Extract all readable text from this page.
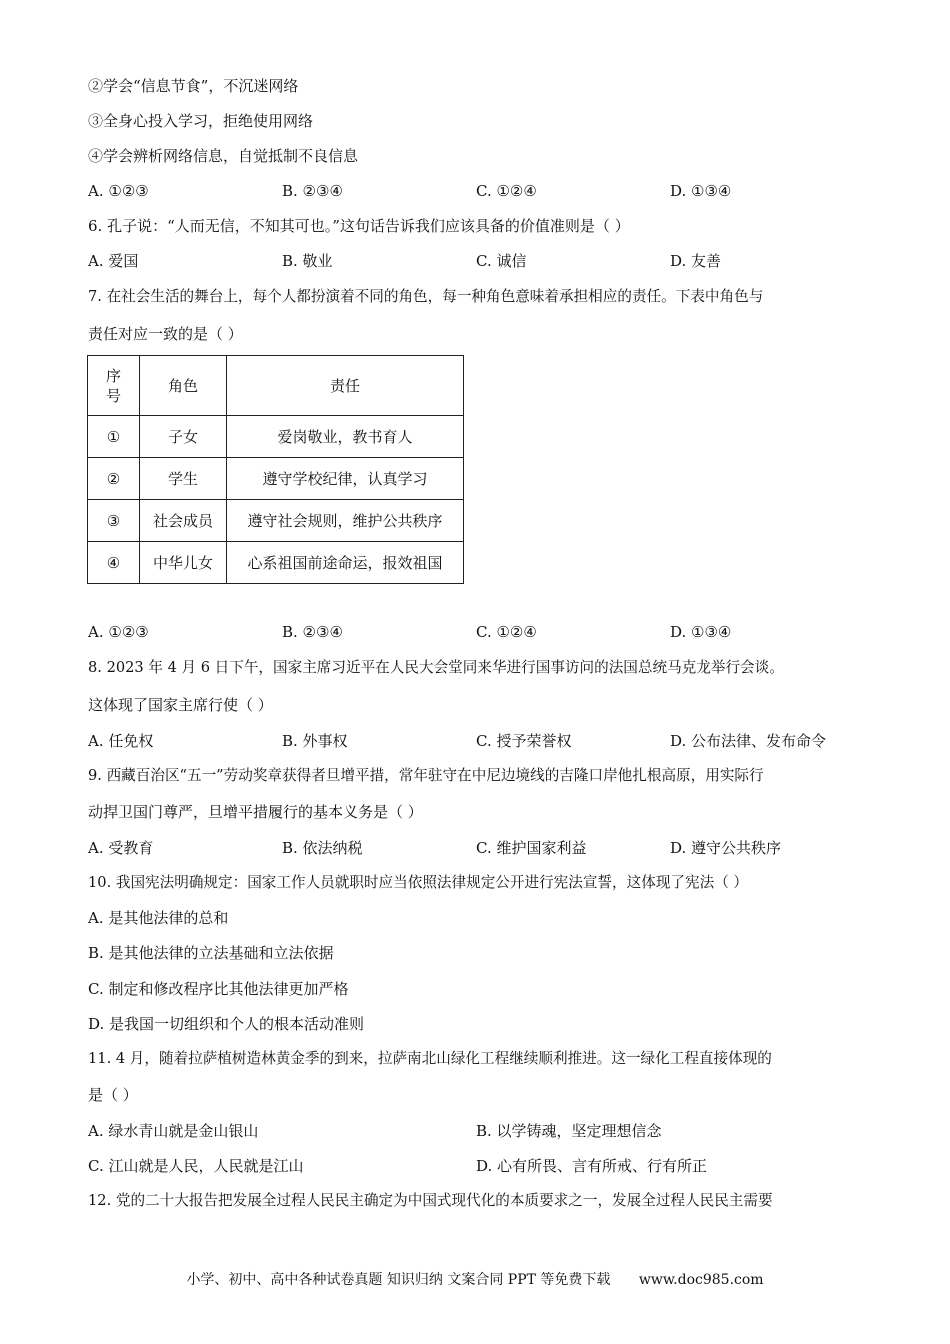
②学会“信息节食”，不沉迷网络
③全身心投入学习，拒绝使用网络
④学会辨析网络信息，自觉抵制不良信息
A. ①②③	B. ②③④	C. ①②④	D. ①③④
6. 孔子说：“人而无信，不知其可也。”这句话告诉我们应该具备的价值准则是（ ）
A. 爱国	B. 敬业	C. 诚信	D. 友善
7. 在社会生活的舞台上，每个人都扮演着不同的角色，每一种角色意味着承担相应的责任。下表中角色与
责任对应一致的是（ ）
序
号	角色	责任
①	子女	爱岗敬业，教书育人
②	学生	遵守学校纪律，认真学习
③	社会成员	遵守社会规则，维护公共秩序
④	中华儿女	心系祖国前途命运，报效祖国
A. ①②③	B. ②③④	C. ①②④	D. ①③④
8. 2023 年 4 月 6 日下午，国家主席习近平在人民大会堂同来华进行国事访问的法国总统马克龙举行会谈。
这体现了国家主席行使（ ）
A. 任免权	B. 外事权	C. 授予荣誉权	D. 公布法律、发布命令
9. 西藏百治区“五一”劳动奖章获得者旦增平措，常年驻守在中尼边境线的吉隆口岸他扎根高原，用实际行
动捍卫国门尊严，旦增平措履行的基本义务是（ ）
A. 受教育	B. 依法纳税	C. 维护国家利益	D. 遵守公共秩序
10. 我国宪法明确规定：国家工作人员就职时应当依照法律规定公开进行宪法宣誓，这体现了宪法（ ）
A. 是其他法律的总和
B. 是其他法律的立法基础和立法依据
C. 制定和修改程序比其他法律更加严格
D. 是我国一切组织和个人的根本活动准则
11. 4 月，随着拉萨植树造林黄金季的到来，拉萨南北山绿化工程继续顺利推进。这一绿化工程直接体现的
是（ ）
A. 绿水青山就是金山银山	B. 以学铸魂，坚定理想信念
C. 江山就是人民，人民就是江山	D. 心有所畏、言有所戒、行有所正
12. 党的二十大报告把发展全过程人民民主确定为中国式现代化的本质要求之一，发展全过程人民民主需要
小学、初中、高中各种试卷真题 知识归纳 文案合同 PPT 等免费下载 www.doc985.com
